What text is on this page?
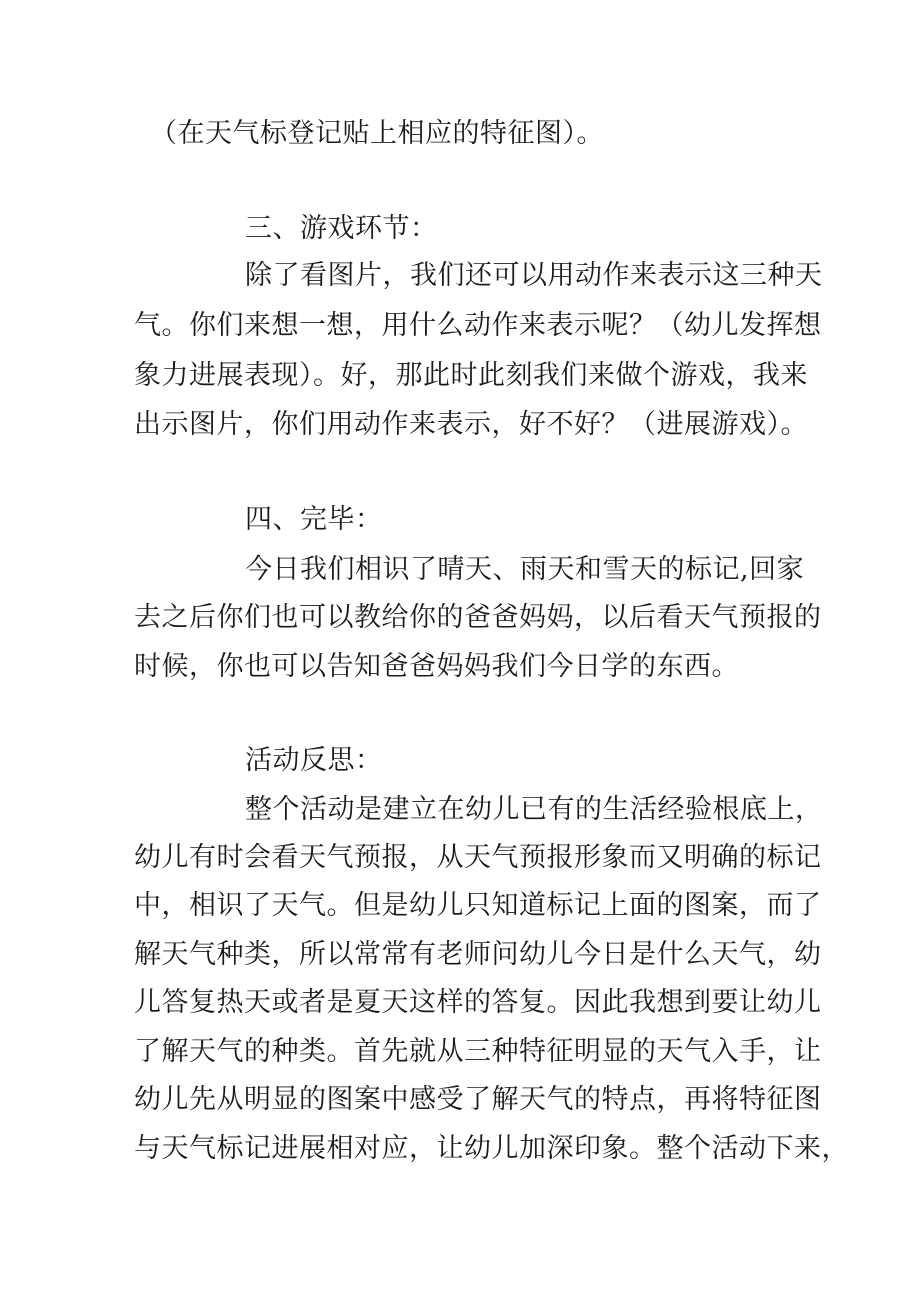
（在天气标登记贴上相应的特征图）。
三、游戏环节：
除了看图片，我们还可以用动作来表示这三种天
气。你们来想一想，用什么动作来表示呢？（幼儿发挥想
象力进展表现）。好，那此时此刻我们来做个游戏，我来
出示图片，你们用动作来表示，好不好？（进展游戏）。
四、完毕：
今日我们相识了晴天、雨天和雪天的标记,回家
去之后你们也可以教给你的爸爸妈妈，以后看天气预报的
时候，你也可以告知爸爸妈妈我们今日学的东西。
活动反思：
整个活动是建立在幼儿已有的生活经验根底上，
幼儿有时会看天气预报，从天气预报形象而又明确的标记
中，相识了天气。但是幼儿只知道标记上面的图案，而了
解天气种类，所以常常有老师问幼儿今日是什么天气，幼
儿答复热天或者是夏天这样的答复。因此我想到要让幼儿
了解天气的种类。首先就从三种特征明显的天气入手，让
幼儿先从明显的图案中感受了解天气的特点，再将特征图
与天气标记进展相对应，让幼儿加深印象。整个活动下来，
